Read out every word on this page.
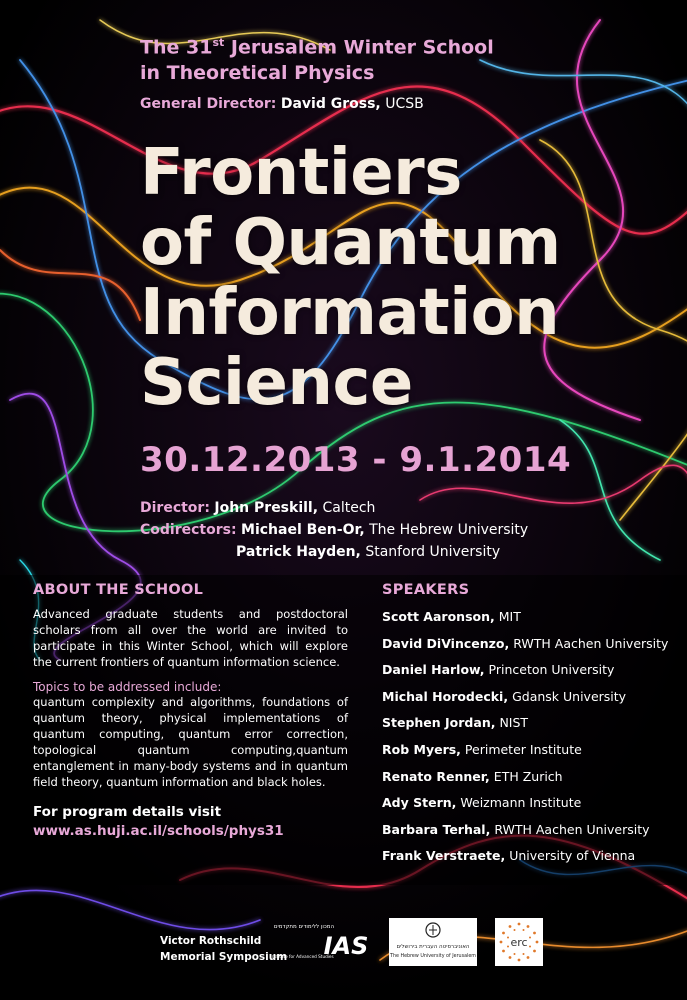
The 31st Jerusalem Winter School
in Theoretical Physics
General Director: David Gross, UCSB
Frontiers
of Quantum
Information
Science
30.12.2013 - 9.1.2014
Director: John Preskill, Caltech
Codirectors: Michael Ben-Or, The Hebrew University
Patrick Hayden, Stanford University
ABOUT THE SCHOOL

Advanced graduate students and postdoctoral scholars from all over the world are invited to participate in this Winter School, which will explore the current frontiers of quantum information science.

Topics to be addressed include:

quantum complexity and algorithms, foundations of quantum theory, physical implementations of quantum computing, quantum error correction, topological quantum computing,quantum entanglement in many-body systems and in quantum field theory, quantum information and black holes.

For program details visit
www.as.huji.ac.il/schools/phys31
SPEAKERS
Scott Aaronson, MIT
David DiVincenzo, RWTH Aachen University
Daniel Harlow, Princeton University
Michal Horodecki, Gdansk University
Stephen Jordan, NIST
Rob Myers, Perimeter Institute
Renato Renner, ETH Zurich
Ady Stern, Weizmann Institute
Barbara Terhal, RWTH Aachen University
Frank Verstraete, University of Vienna
Victor Rothschild
Memorial Symposium
המכון ללימודים מתקדמים
Institute for Advanced Studies
IAS	האוניברסיטה העברית בירושלים
The Hebrew University of Jerusalem
erc
